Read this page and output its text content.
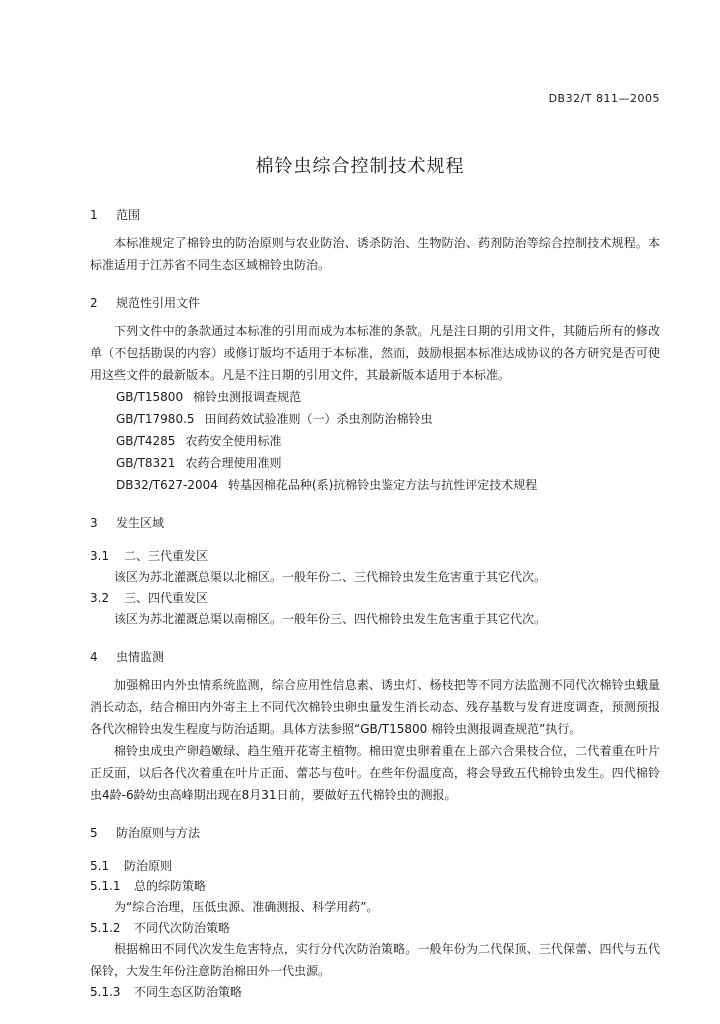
DB32/T 811—2005
棉铃虫综合控制技术规程
1 范围

本标准规定了棉铃虫的防治原则与农业防治、诱杀防治、生物防治、药剂防治等综合控制技术规程。本标准适用于江苏省不同生态区域棉铃虫防治。

2 规范性引用文件

下列文件中的条款通过本标准的引用而成为本标准的条款。凡是注日期的引用文件，其随后所有的修改单（不包括勘误的内容）或修订版均不适用于本标准，然而，鼓励根据本标准达成协议的各方研究是否可使用这些文件的最新版本。凡是不注日期的引用文件，其最新版本适用于本标准。

GB/T15800 棉铃虫测报调查规范
GB/T17980.5 田间药效试验准则（一）杀虫剂防治棉铃虫
GB/T4285 农药安全使用标准
GB/T8321 农药合理使用准则
DB32/T627-2004 转基因棉花品种(系)抗棉铃虫鉴定方法与抗性评定技术规程
3 发生区域
3.1 二、三代重发区

该区为苏北灌溉总渠以北棉区。一般年份二、三代棉铃虫发生危害重于其它代次。

3.2 三、四代重发区

该区为苏北灌溉总渠以南棉区。一般年份三、四代棉铃虫发生危害重于其它代次。

4 虫情监测

加强棉田内外虫情系统监测，综合应用性信息素、诱虫灯、杨枝把等不同方法监测不同代次棉铃虫蛾量消长动态，结合棉田内外寄主上不同代次棉铃虫卵虫量发生消长动态、残存基数与发育进度调查，预测预报各代次棉铃虫发生程度与防治适期。具体方法参照“GB/T15800 棉铃虫测报调查规范”执行。

棉铃虫成虫产卵趋嫩绿、趋生殖开花寄主植物。棉田宽虫卵着重在上部六合果枝合位，二代着重在叶片正反面，以后各代次着重在叶片正面、蕾芯与苞叶。在些年份温度高，将会导致五代棉铃虫发生。四代棉铃虫4龄-6龄幼虫高峰期出现在8月31日前，要做好五代棉铃虫的测报。

5 防治原则与方法
5.1 防治原则
5.1.1 总的综防策略

为“综合治理，压低虫源、准确测报、科学用药”。

5.1.2 不同代次防治策略

根据棉田不同代次发生危害特点，实行分代次防治策略。一般年份为二代保顶、三代保蕾、四代与五代保铃，大发生年份注意防治棉田外一代虫源。

5.1.3 不同生态区防治策略
